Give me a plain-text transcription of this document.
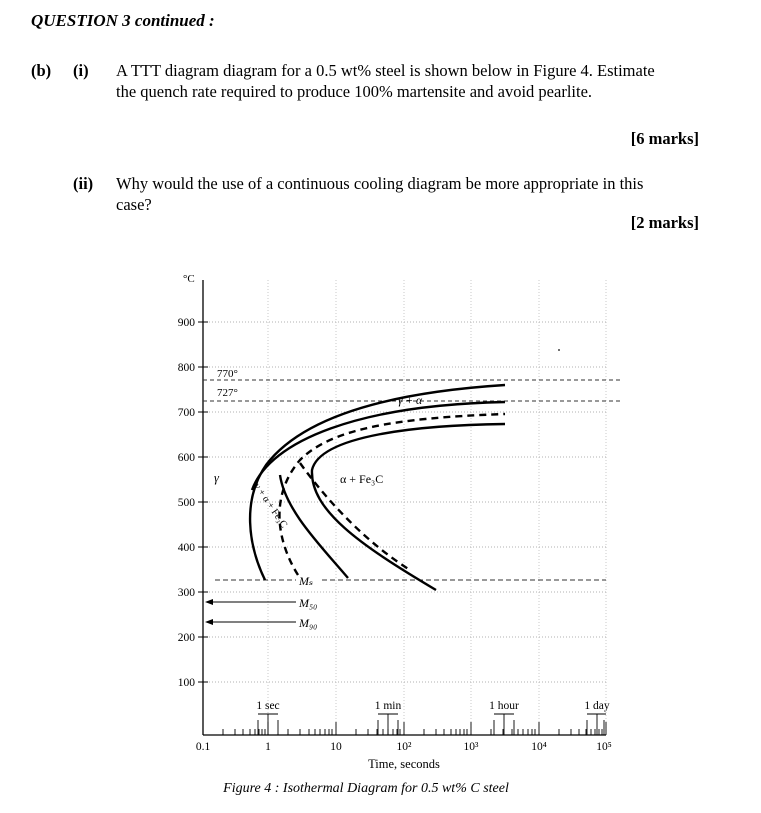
QUESTION 3 continued :
(b) (i) A TTT diagram diagram for a 0.5 wt% steel is shown below in Figure 4. Estimate
the quench rate required to produce 100% martensite and avoid pearlite.
[6 marks]
(ii) Why would the use of a continuous cooling diagram be more appropriate in this
case?
[2 marks]
900
800
700
600
500
400
300
200
100
°C
1 sec	1 min	1 hour	1 day
0.1	1	10	10²	10³	10⁴	10⁵
Time, seconds
770°
727°
Mₛ
M₅₀
M₉₀
γ
γ + α
α + Fe₃C
γ + α + Fe₃C
Figure 4 : Isothermal Diagram for 0.5 wt% C steel
